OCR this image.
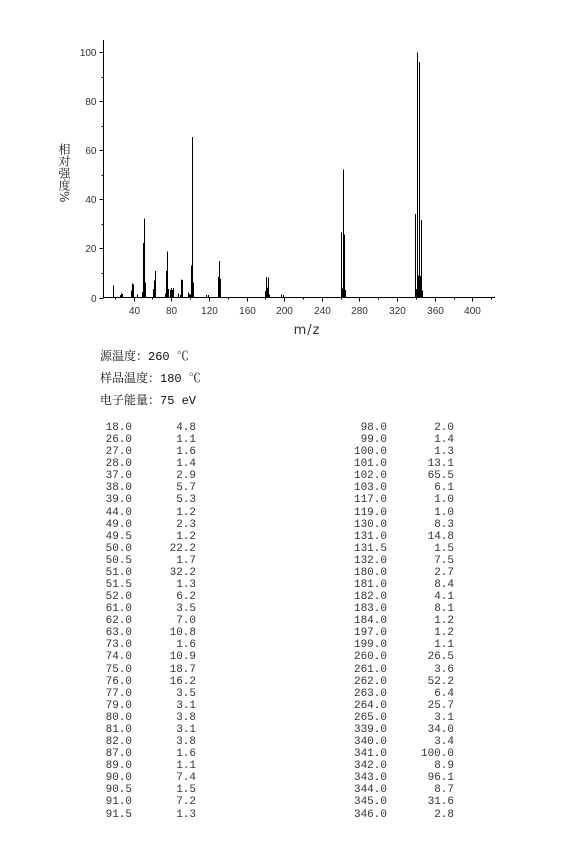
0
20
40
60
80
100
40	80 120 160 200 240 280 320 360 400
m/z
相对强度%
源温度：260 ℃
样品温度：180 ℃
电子能量：75 eV
18.0	4.8
26.0	1.1
27.0	1.6
28.0	1.4
37.0	2.9
38.0	5.7
39.0	5.3
44.0	1.2
49.0	2.3
49.5	1.2
50.0	22.2
50.5	1.7
51.0	32.2
51.5	1.3
52.0	6.2
61.0	3.5
62.0	7.0
63.0	10.8
73.0	1.6
74.0	10.9
75.0	18.7
76.0	16.2
77.0	3.5
79.0	3.1
80.0	3.8
81.0	3.1
82.0	3.8
87.0	1.6
89.0	1.1
90.0	7.4
90.5	1.5
91.0	7.2
91.5	1.3
98.0	2.0
99.0	1.4
100.0	1.3
101.0	13.1
102.0	65.5
103.0	6.1
117.0	1.0
119.0	1.0
130.0	8.3
131.0	14.8
131.5	1.5
132.0	7.5
180.0	2.7
181.0	8.4
182.0	4.1
183.0	8.1
184.0	1.2
197.0	1.2
199.0	1.1
260.0	26.5
261.0	3.6
262.0	52.2
263.0	6.4
264.0	25.7
265.0	3.1
339.0	34.0
340.0	3.4
341.0	100.0
342.0	8.9
343.0	96.1
344.0	8.7
345.0	31.6
346.0	2.8
